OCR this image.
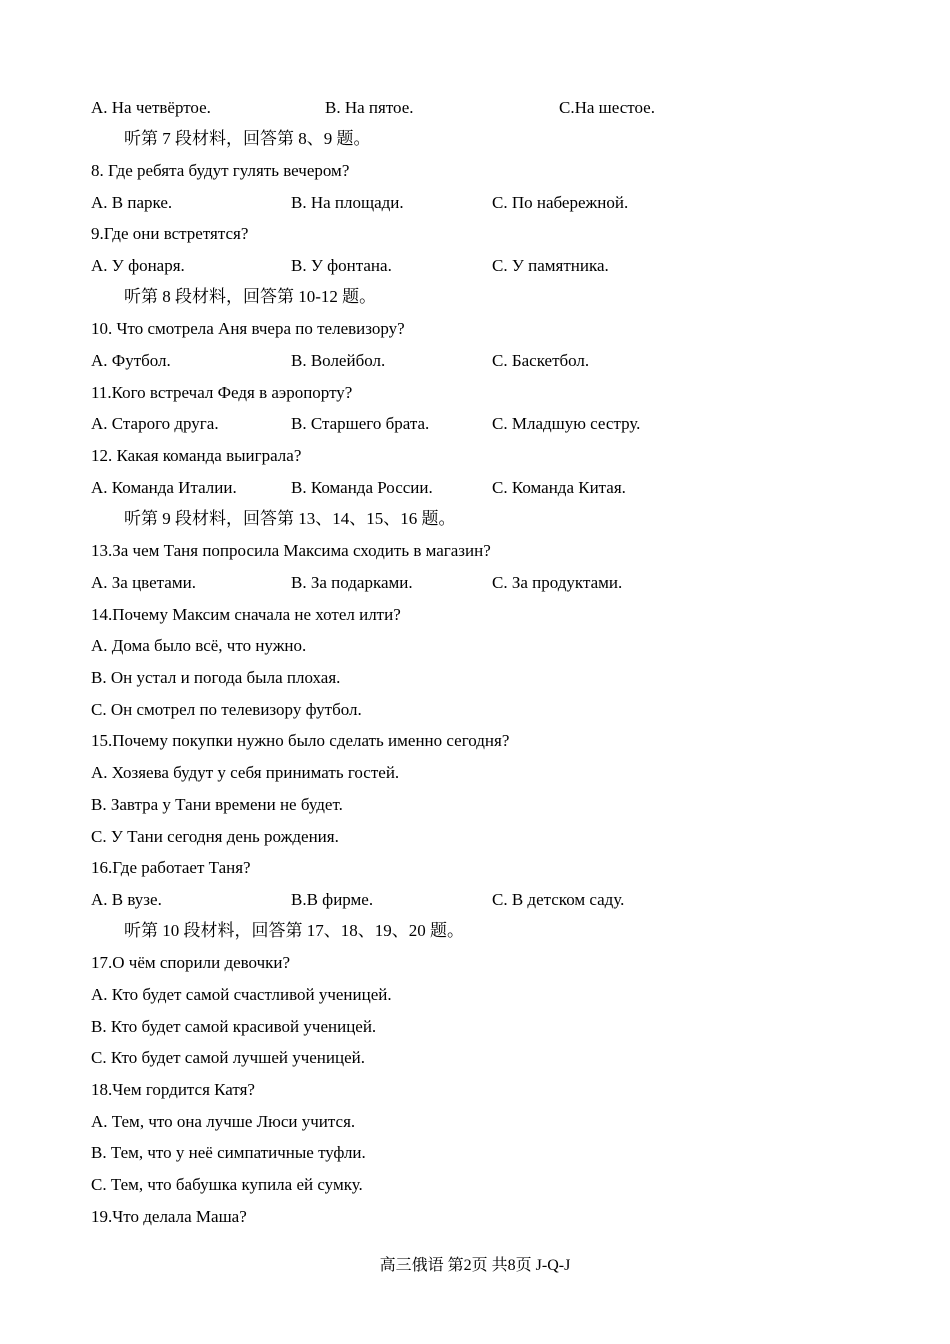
A. На четвёртое.	B. На пятое.	C.На шестое.
听第 7 段材料，回答第 8、9 题。
8. Где ребята будут гулять вечером?
A. В парке.	B. На площади.	C. По набережной.
9.Где они встретятся?
A. У фонаря.	B. У фонтана.	C. У памятника.
听第 8 段材料，回答第 10-12 题。
10. Что смотрела Аня вчера по телевизору?
A. Футбол.	B. Волейбол.	C. Баскетбол.
11.Кого встречал Федя в аэропорту?
A. Старого друга.	B. Старшего брата.	C. Младшую сестру.
12. Какая команда выиграла?
A. Команда Италии.	B. Команда России.	C. Команда Китая.
听第 9 段材料，回答第 13、14、15、16 题。
13.За чем Таня попросила Максима сходить в магазин?
A. За цветами.	B. За подарками.	C. За продуктами.
14.Почему Максим сначала не хотел илти?
A. Дома было всё, что нужно.
B. Он устал и погода была плохая.
C. Он смотрел по телевизору футбол.
15.Почему покупки нужно было сделать именно сегодня?
A. Хозяева будут у себя принимать гостей.
B. Завтра у Тани времени не будет.
C. У Тани сегодня день рождения.
16.Где работает Таня?
A. В вузе.	B.В фирме.	C. В детском саду.
听第 10 段材料，回答第 17、18、19、20 题。
17.О чём спорили девочки?
A. Кто будет самой счастливой ученицей.
B. Кто будет самой красивой ученицей.
C. Кто будет самой лучшей ученицей.
18.Чем гордится Катя?
A. Тем, что она лучше Люси учится.
B. Тем, что у неё симпатичные туфли.
C. Тем, что бабушка купила ей сумку.
19.Что делала Маша?
高三俄语 第2页 共8页 J-Q-J
